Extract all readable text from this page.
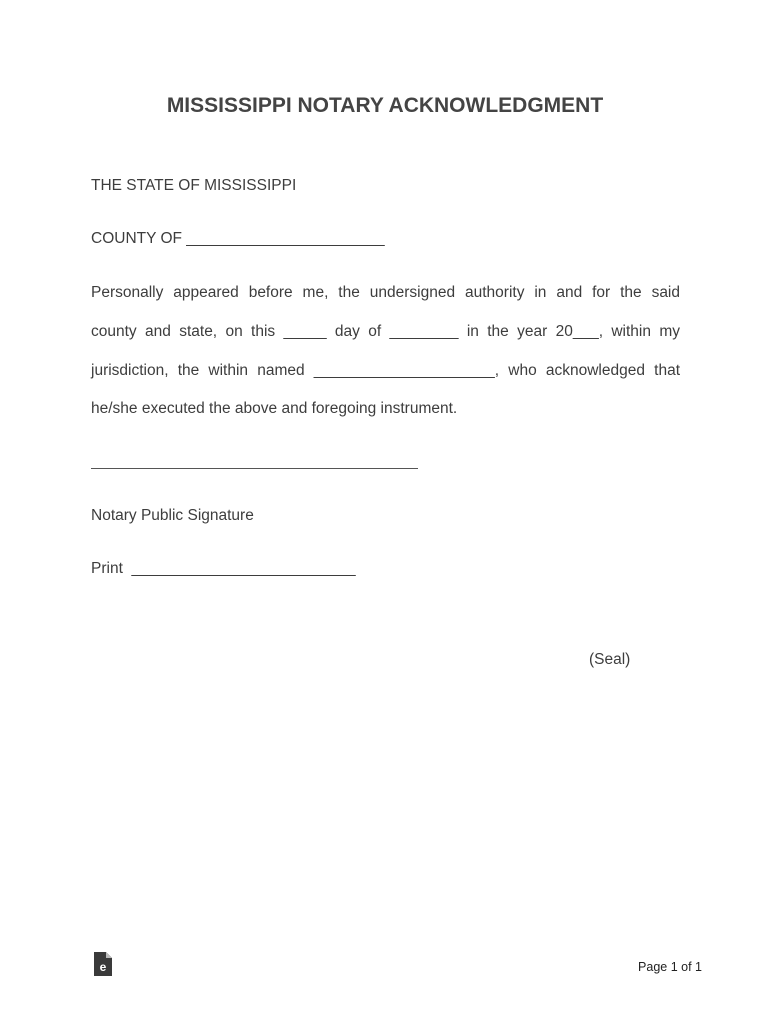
MISSISSIPPI NOTARY ACKNOWLEDGMENT
THE STATE OF MISSISSIPPI
COUNTY OF _______________________
Personally appeared before me, the undersigned authority in and for the said
county and state, on this _____ day of ________ in the year 20___, within my
jurisdiction, the within named _____________________, who acknowledged that
he/she executed the above and foregoing instrument.
Notary Public Signature
Print  __________________________
(Seal)
e	Page 1 of 1
